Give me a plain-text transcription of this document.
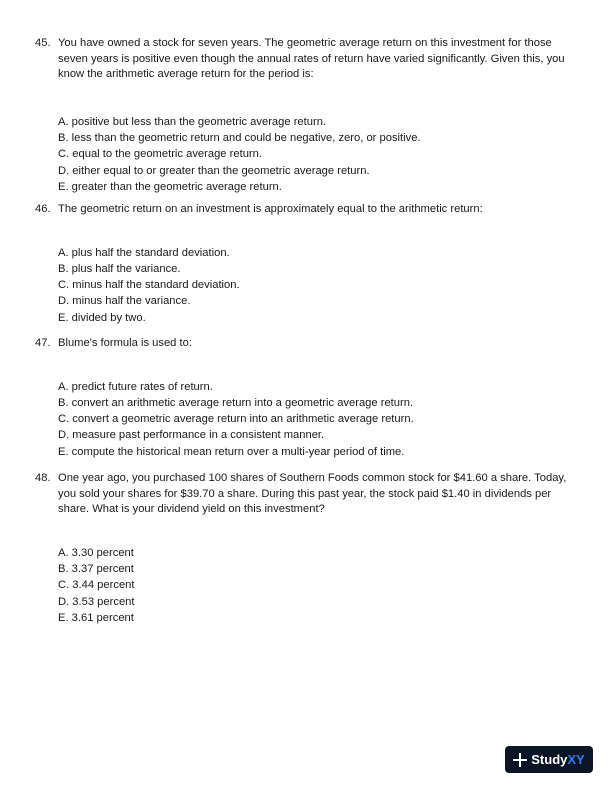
45. You have owned a stock for seven years. The geometric average return on this investment for those seven years is positive even though the annual rates of return have varied significantly. Given this, you know the arithmetic average return for the period is:
A. positive but less than the geometric average return.
B. less than the geometric return and could be negative, zero, or positive.
C. equal to the geometric average return.
D. either equal to or greater than the geometric average return.
E. greater than the geometric average return.
46. The geometric return on an investment is approximately equal to the arithmetic return:
A. plus half the standard deviation.
B. plus half the variance.
C. minus half the standard deviation.
D. minus half the variance.
E. divided by two.
47. Blume's formula is used to:
A. predict future rates of return.
B. convert an arithmetic average return into a geometric average return.
C. convert a geometric average return into an arithmetic average return.
D. measure past performance in a consistent manner.
E. compute the historical mean return over a multi-year period of time.
48. One year ago, you purchased 100 shares of Southern Foods common stock for $41.60 a share. Today, you sold your shares for $39.70 a share. During this past year, the stock paid $1.40 in dividends per share. What is your dividend yield on this investment?
A. 3.30 percent
B. 3.37 percent
C. 3.44 percent
D. 3.53 percent
E. 3.61 percent
StudyXY
